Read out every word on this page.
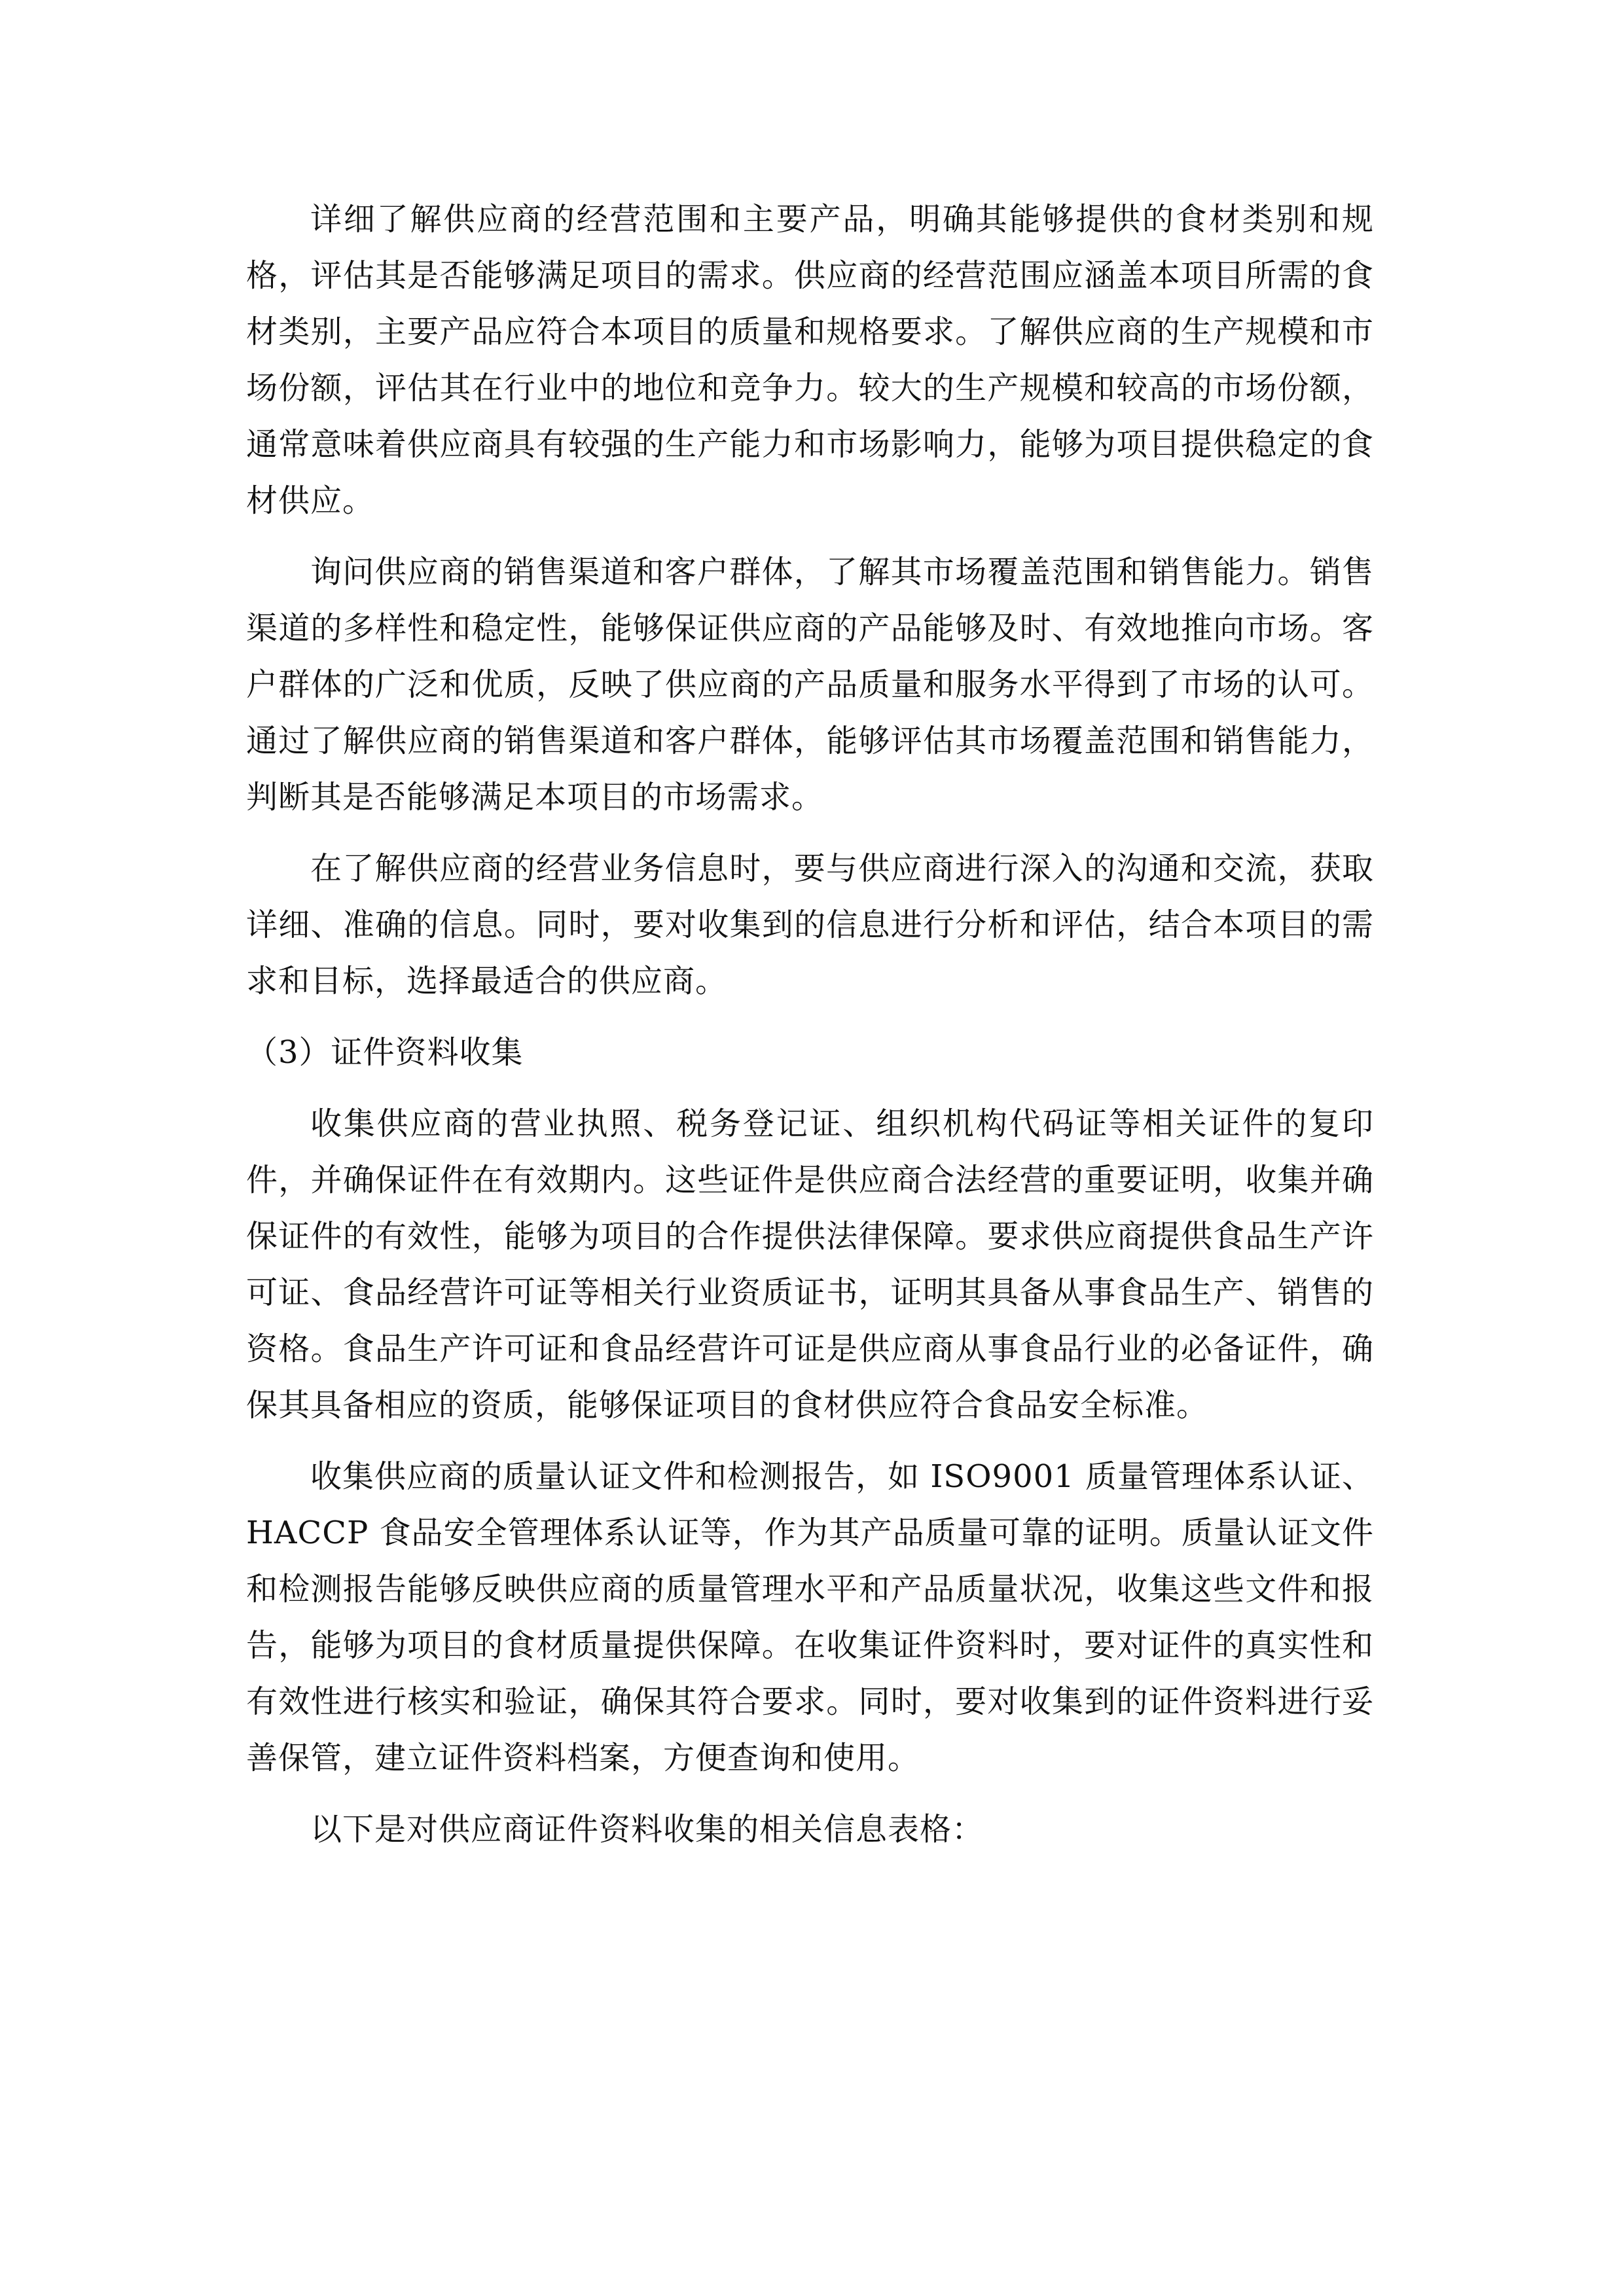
详细了解供应商的经营范围和主要产品，明确其能够提供的食材类别和规格，评估其是否能够满足项目的需求。供应商的经营范围应涵盖本项目所需的食材类别，主要产品应符合本项目的质量和规格要求。了解供应商的生产规模和市场份额，评估其在行业中的地位和竞争力。较大的生产规模和较高的市场份额，通常意味着供应商具有较强的生产能力和市场影响力，能够为项目提供稳定的食材供应。

询问供应商的销售渠道和客户群体，了解其市场覆盖范围和销售能力。销售渠道的多样性和稳定性，能够保证供应商的产品能够及时、有效地推向市场。客户群体的广泛和优质，反映了供应商的产品质量和服务水平得到了市场的认可。通过了解供应商的销售渠道和客户群体，能够评估其市场覆盖范围和销售能力，判断其是否能够满足本项目的市场需求。

在了解供应商的经营业务信息时，要与供应商进行深入的沟通和交流，获取详细、准确的信息。同时，要对收集到的信息进行分析和评估，结合本项目的需求和目标，选择最适合的供应商。

（3）证件资料收集

收集供应商的营业执照、税务登记证、组织机构代码证等相关证件的复印件，并确保证件在有效期内。这些证件是供应商合法经营的重要证明，收集并确保证件的有效性，能够为项目的合作提供法律保障。要求供应商提供食品生产许可证、食品经营许可证等相关行业资质证书，证明其具备从事食品生产、销售的资格。食品生产许可证和食品经营许可证是供应商从事食品行业的必备证件，确保其具备相应的资质，能够保证项目的食材供应符合食品安全标准。

收集供应商的质量认证文件和检测报告，如 ISO9001 质量管理体系认证、HACCP 食品安全管理体系认证等，作为其产品质量可靠的证明。质量认证文件和检测报告能够反映供应商的质量管理水平和产品质量状况，收集这些文件和报告，能够为项目的食材质量提供保障。在收集证件资料时，要对证件的真实性和有效性进行核实和验证，确保其符合要求。同时，要对收集到的证件资料进行妥善保管，建立证件资料档案，方便查询和使用。

以下是对供应商证件资料收集的相关信息表格：
